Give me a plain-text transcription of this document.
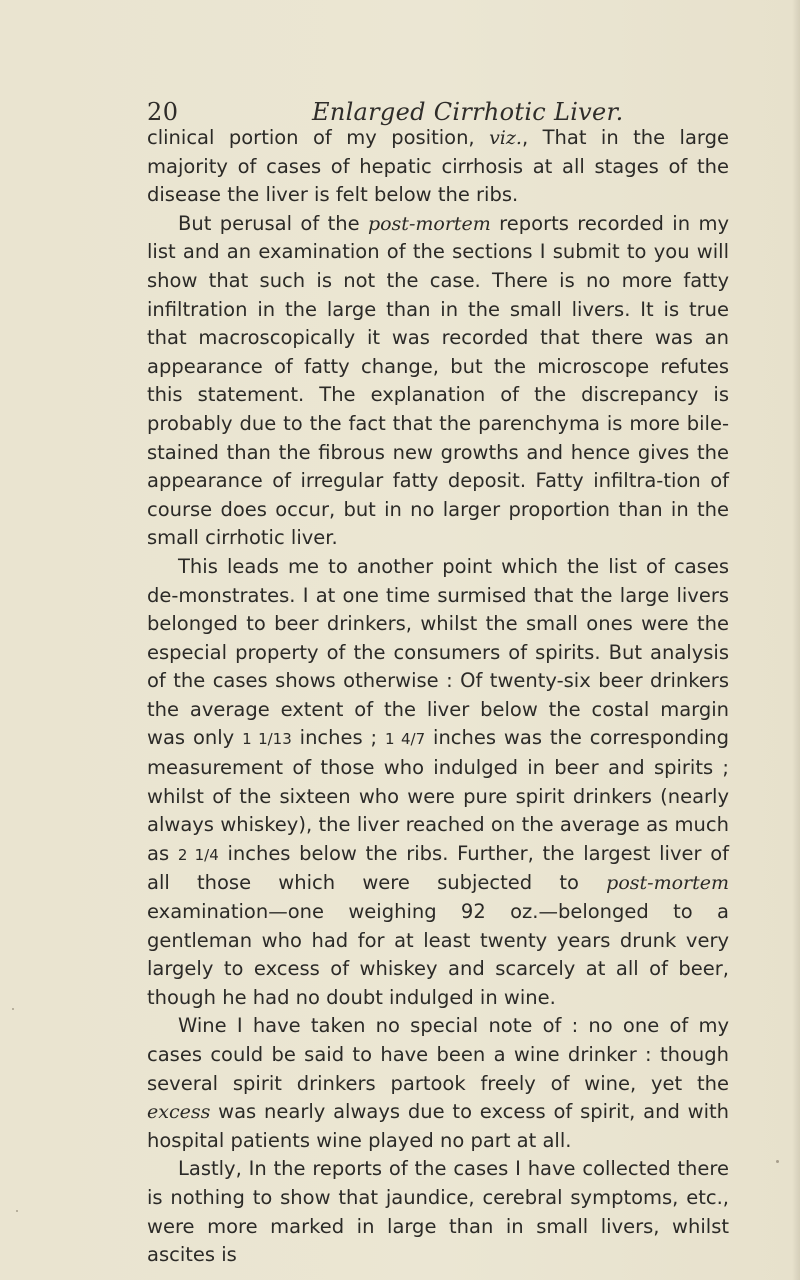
20	Enlarged Cirrhotic Liver.

clinical portion of my position, viz., That in the large majority of cases of hepatic cirrhosis at all stages of the disease the liver is felt below the ribs.

But perusal of the post-mortem reports recorded in my list and an examination of the sections I submit to you will show that such is not the case. There is no more fatty infiltration in the large than in the small livers. It is true that macroscopically it was recorded that there was an appearance of fatty change, but the microscope refutes this statement. The explanation of the discrepancy is probably due to the fact that the parenchyma is more bile-stained than the fibrous new growths and hence gives the appearance of irregular fatty deposit. Fatty infiltra-tion of course does occur, but in no larger proportion than in the small cirrhotic liver.

This leads me to another point which the list of cases de-monstrates. I at one time surmised that the large livers belonged to beer drinkers, whilst the small ones were the especial property of the consumers of spirits. But analysis of the cases shows otherwise : Of twenty-six beer drinkers the average extent of the liver below the costal margin was only 1 1/13 inches ; 1 4/7 inches was the corresponding measurement of those who indulged in beer and spirits ; whilst of the sixteen who were pure spirit drinkers (nearly always whiskey), the liver reached on the average as much as 2 1/4 inches below the ribs. Further, the largest liver of all those which were subjected to post-mortem examination—one weighing 92 oz.—belonged to a gentleman who had for at least twenty years drunk very largely to excess of whiskey and scarcely at all of beer, though he had no doubt indulged in wine.

Wine I have taken no special note of : no one of my cases could be said to have been a wine drinker : though several spirit drinkers partook freely of wine, yet the excess was nearly always due to excess of spirit, and with hospital patients wine played no part at all.

Lastly, In the reports of the cases I have collected there is nothing to show that jaundice, cerebral symptoms, etc., were more marked in large than in small livers, whilst ascites is
